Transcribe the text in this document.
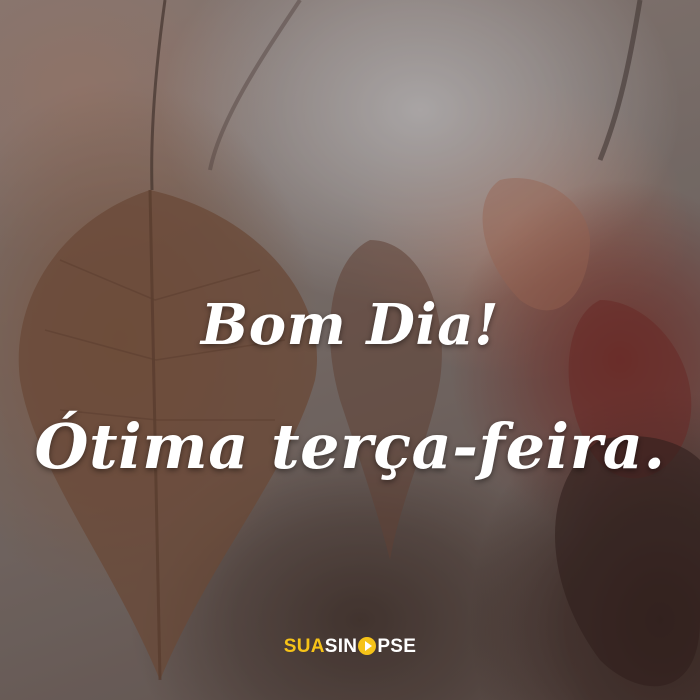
Bom Dia!
Ótima terça-feira.
SUASIN PSE
